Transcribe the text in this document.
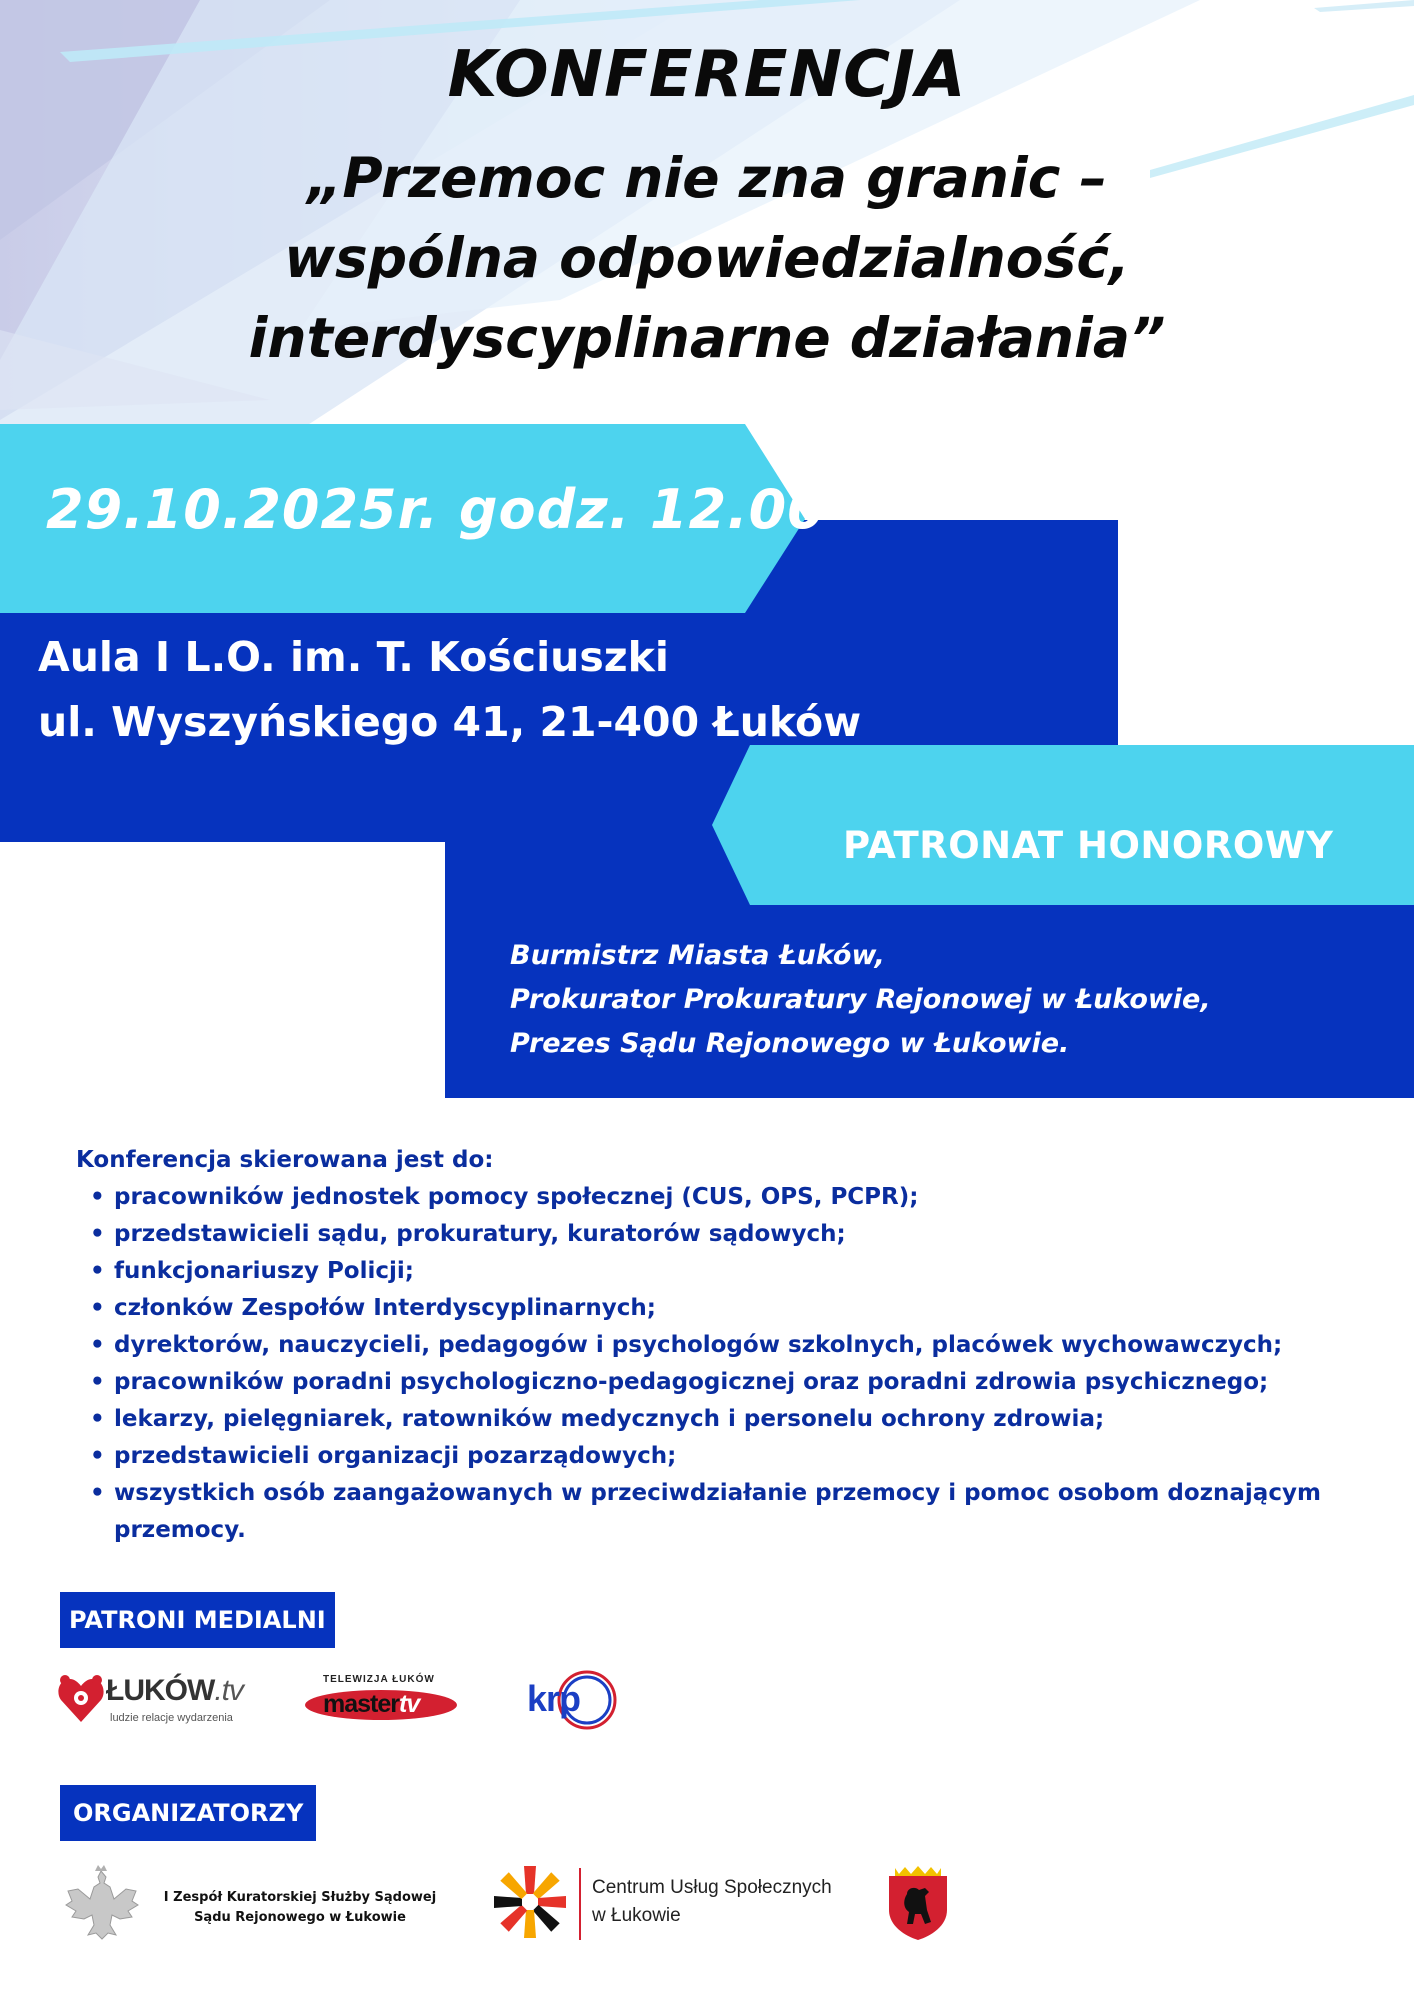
KONFERENCJA
„Przemoc nie zna granic –
wspólna odpowiedzialność,
interdyscyplinarne działania”
29.10.2025r. godz. 12.00
Aula I L.O. im. T. Kościuszki
ul. Wyszyńskiego 41, 21-400 Łuków
PATRONAT HONOROWY
Burmistrz Miasta Łuków,
Prokurator Prokuratury Rejonowej w Łukowie,
Prezes Sądu Rejonowego w Łukowie.
Konferencja skierowana jest do:
• pracowników jednostek pomocy społecznej (CUS, OPS, PCPR);
• przedstawicieli sądu, prokuratury, kuratorów sądowych;
• funkcjonariuszy Policji;
• członków Zespołów Interdyscyplinarnych;
• dyrektorów, nauczycieli, pedagogów i psychologów szkolnych, placówek wychowawczych;
• pracowników poradni psychologiczno-pedagogicznej oraz poradni zdrowia psychicznego;
• lekarzy, pielęgniarek, ratowników medycznych i personelu ochrony zdrowia;
• przedstawicieli organizacji pozarządowych;
• wszystkich osób zaangażowanych w przeciwdziałanie przemocy i pomoc osobom doznającym przemocy.
PATRONI MEDIALNI
ŁUKÓW.tv
ludzie relacje wydarzenia
TELEWIZJA ŁUKÓW
mastertv	krp
ORGANIZATORZY
I Zespół Kuratorskiej Służby Sądowej
Sądu Rejonowego w Łukowie
Centrum Usług Społecznych
w Łukowie
